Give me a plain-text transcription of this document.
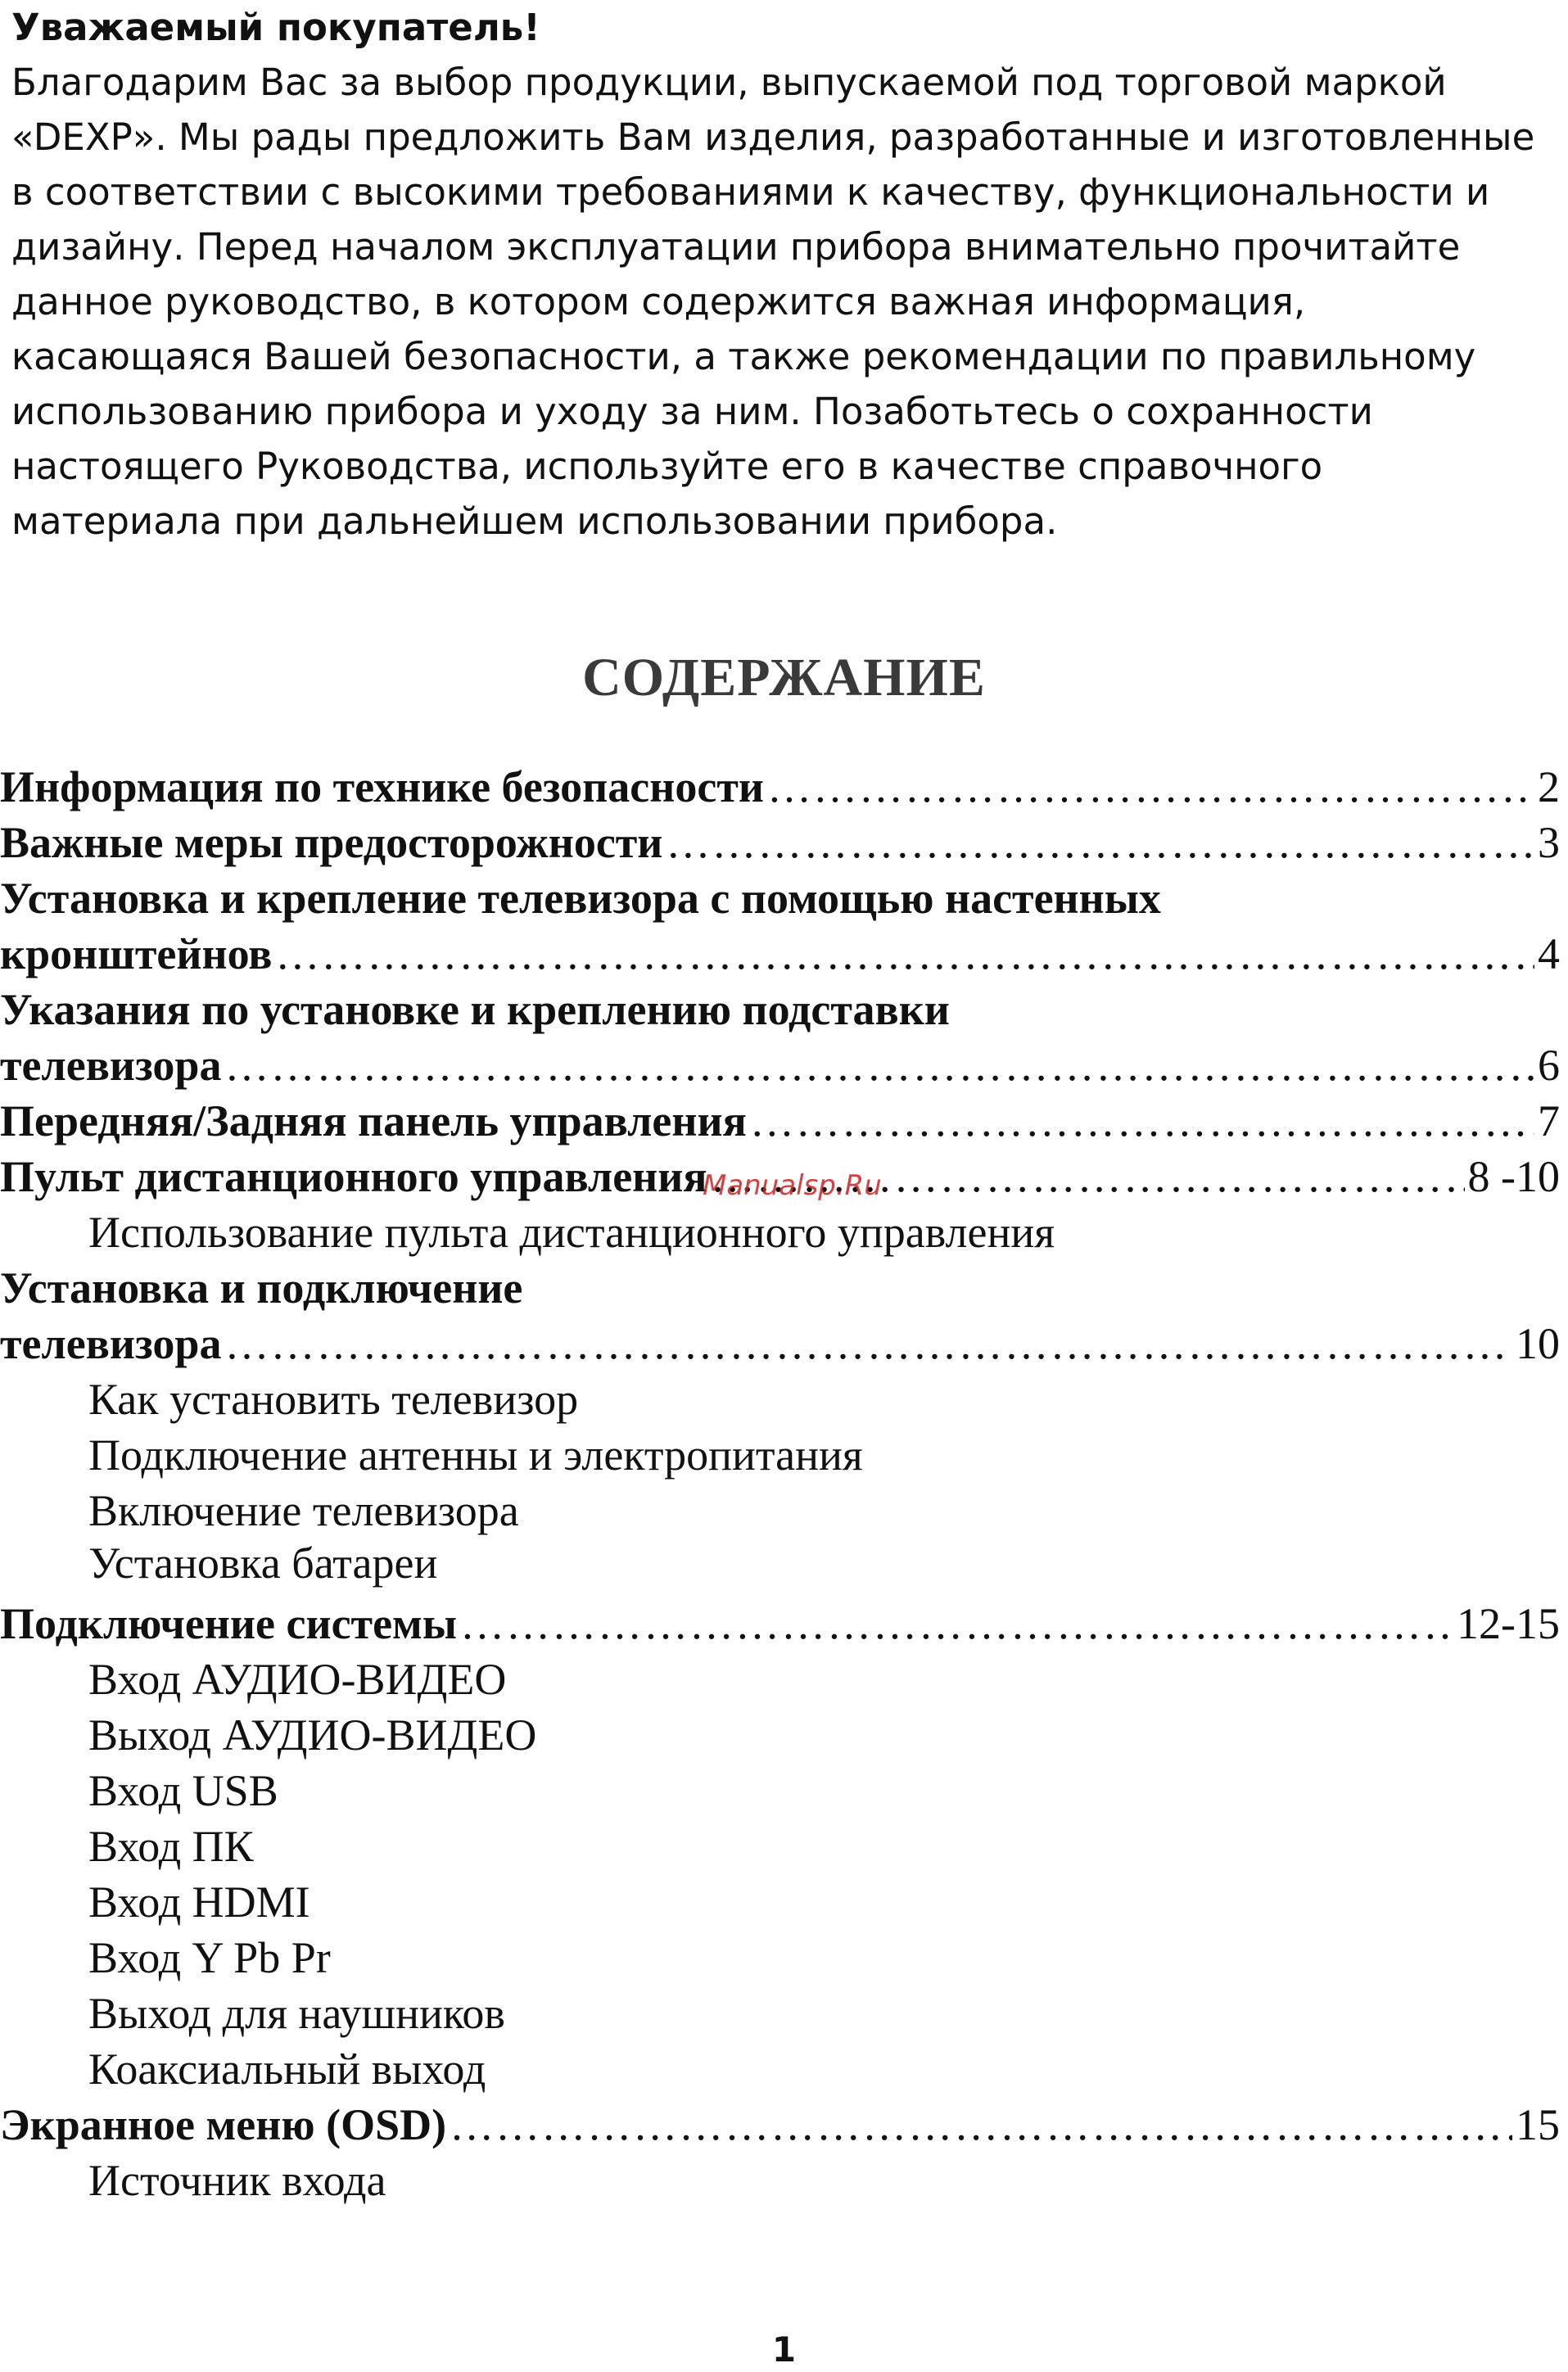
Уважаемый покупатель!
Благодарим Вас за выбор продукции, выпускаемой под торговой маркой
«DEXP». Мы рады предложить Вам изделия, разработанные и изготовленные
в соответствии с высокими требованиями к качеству, функциональности и
дизайну. Перед началом эксплуатации прибора внимательно прочитайте
данное руководство, в котором содержится важная информация,
касающаяся Вашей безопасности, а также рекомендации по правильному
использованию прибора и уходу за ним. Позаботьтесь о сохранности
настоящего Руководства, используйте его в качестве справочного
материала при дальнейшем использовании прибора.
СОДЕРЖАНИЕ
Информация по технике безопасности …………………………………………………………………………………………………………………………………………………………………………………………………………………………	2
Важные меры предосторожности …………………………………………………………………………………………………………………………………………………………………………………………………………………………	3
Установка и крепление телевизора с помощью настенных
кронштейнов …………………………………………………………………………………………………………………………………………………………………………………………………………………………	4
Указания по установке и креплению подставки
телевизора …………………………………………………………………………………………………………………………………………………………………………………………………………………………	6
Передняя/Задняя панель управления …………………………………………………………………………………………………………………………………………………………………………………………………………………………	7
Пульт дистанционного управления …………………………………………………………………………………………………………………………………………………………………………………………………………………………	8 -10
Использование пульта дистанционного управления
Установка и подключение
телевизора …………………………………………………………………………………………………………………………………………………………………………………………………………………………	10
Как установить телевизор
Подключение антенны и электропитания
Включение телевизора
Установка батареи
Подключение системы …………………………………………………………………………………………………………………………………………………………………………………………………………………………	12-15
Вход АУДИО-ВИДЕО
Выход АУДИО-ВИДЕО
Вход USB
Вход ПК
Вход HDMI
Вход Y Pb Pr
Выход для наушников
Коаксиальный выход
Экранное меню (OSD) …………………………………………………………………………………………………………………………………………………………………………………………………………………………	15
Источник входа
Manualsp.Ru
1
